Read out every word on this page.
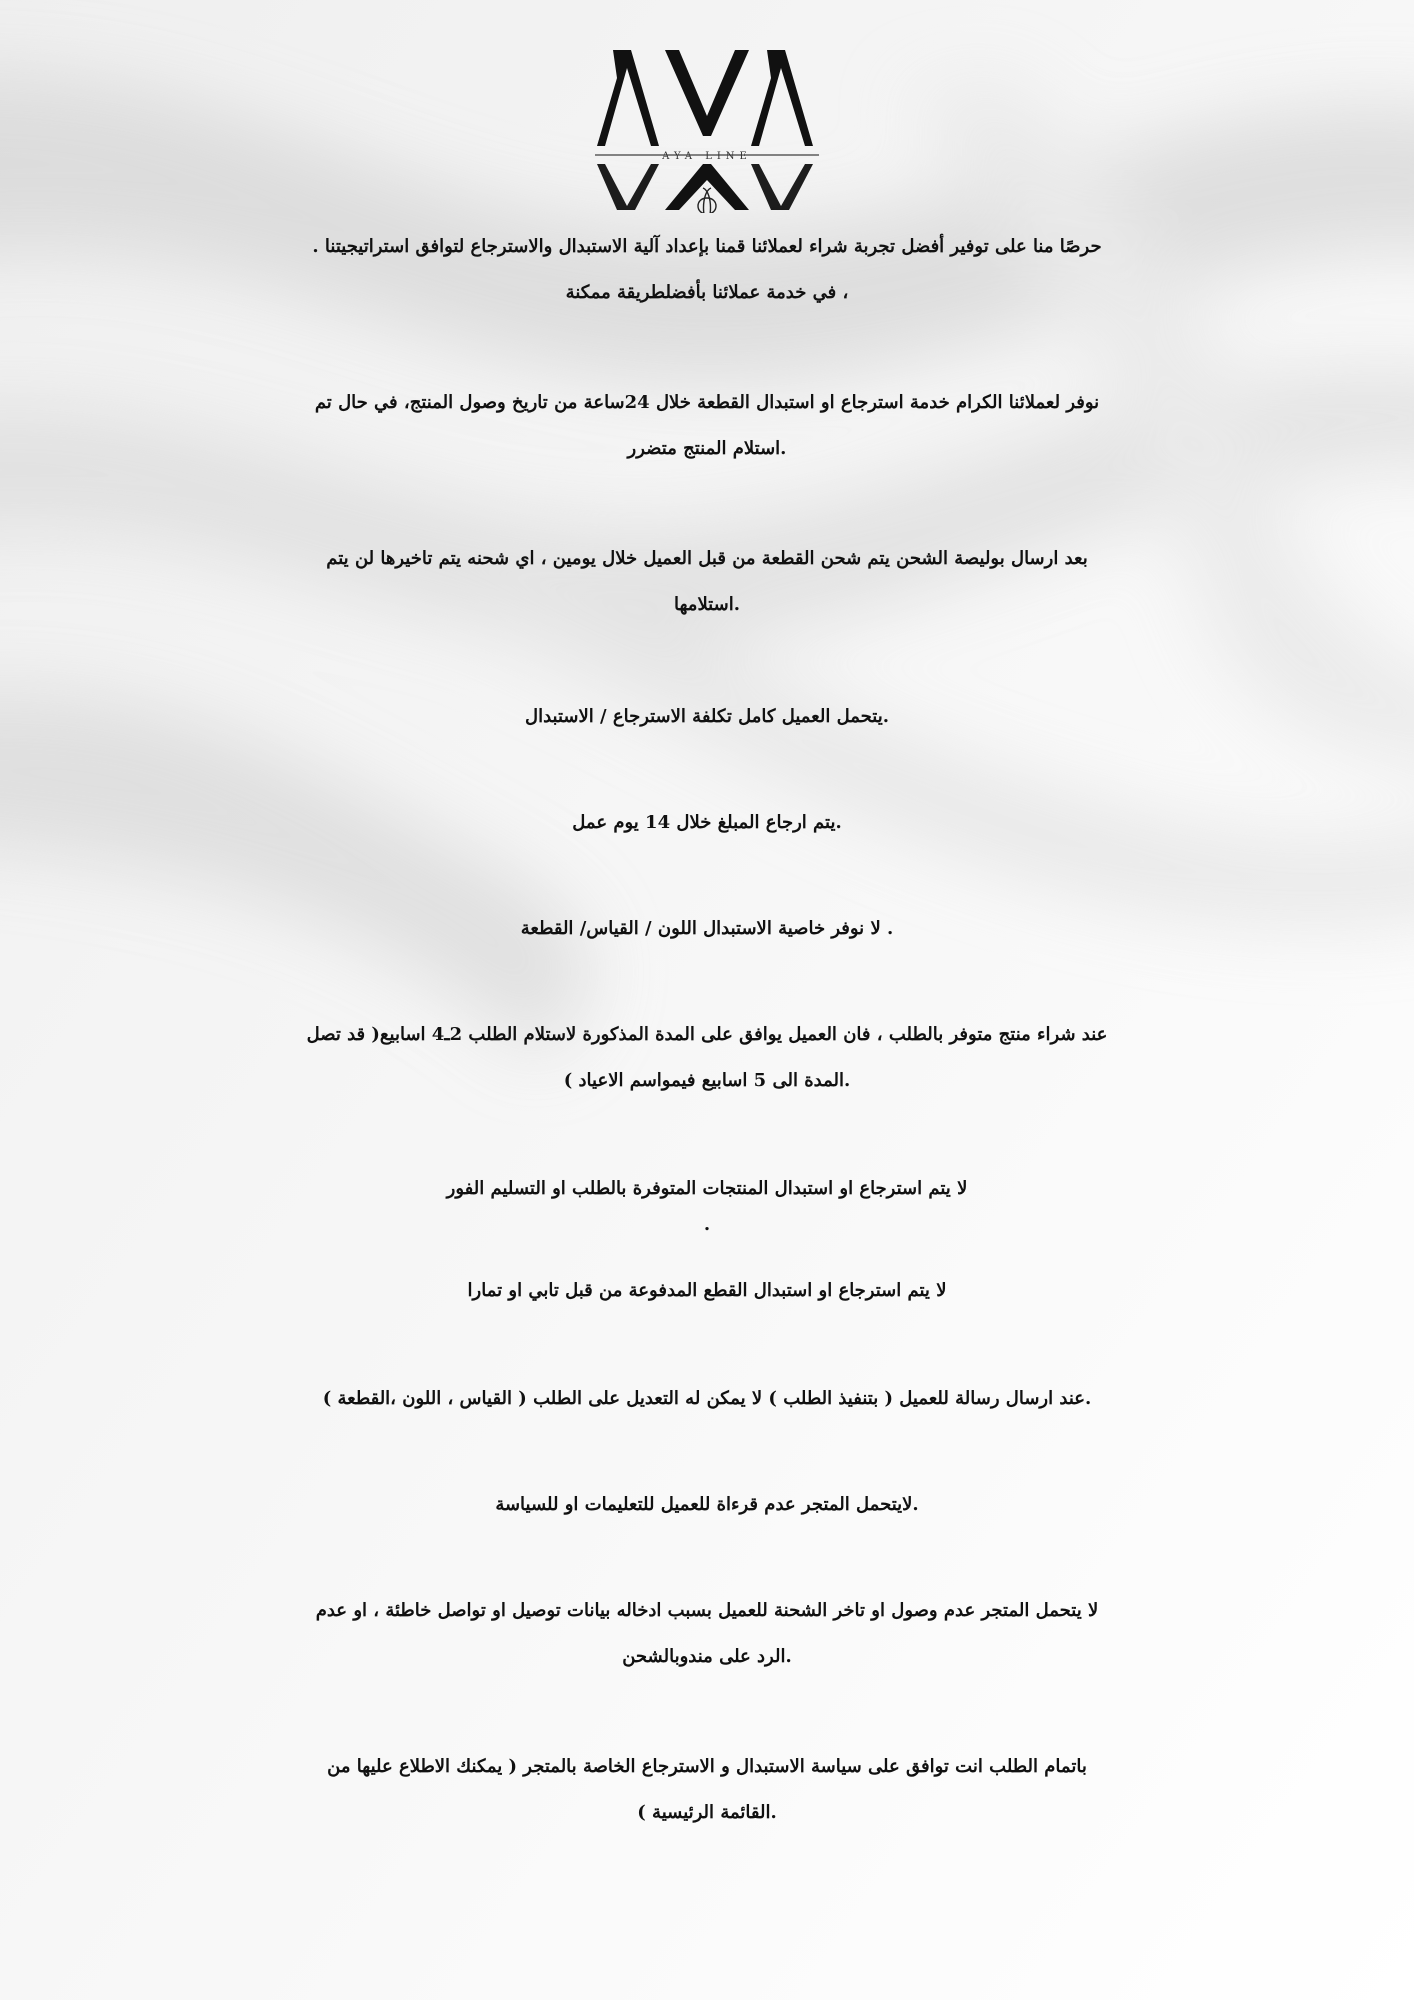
AYA LINE
حرصًا منا على توفير أفضل تجربة شراء لعملائنا قمنا بإعداد آلية الاستبدال والاسترجاع لتوافق استراتيجيتنا .
، في خدمة عملائنا بأفضلطريقة ممكنة
نوفر لعملائنا الكرام خدمة استرجاع او استبدال القطعة خلال 24ساعة من تاريخ وصول المنتج، في حال تم
.استلام المنتج متضرر
بعد ارسال بوليصة الشحن يتم شحن القطعة من قبل العميل خلال يومين ، اي شحنه يتم تاخيرها لن يتم
.استلامها
.يتحمل العميل كامل تكلفة الاسترجاع / الاستبدال
.يتم ارجاع المبلغ خلال 14 يوم عمل
. لا نوفر خاصية الاستبدال اللون / القياس/ القطعة
عند شراء منتج متوفر بالطلب ، فان العميل يوافق على المدة المذكورة لاستلام الطلب 2ـ4 اسابيع( قد تصل
.المدة الى 5 اسابيع فيمواسم الاعياد )
لا يتم استرجاع او استبدال المنتجات المتوفرة بالطلب او التسليم الفور
.
لا يتم استرجاع او استبدال القطع المدفوعة من قبل تابي او تمارا
.عند ارسال رسالة للعميل ( بتنفيذ الطلب ) لا يمكن له التعديل على الطلب ( القياس ، اللون ،القطعة )
.لايتحمل المتجر عدم قرءاة للعميل للتعليمات او للسياسة
لا يتحمل المتجر عدم وصول او تاخر الشحنة للعميل بسبب ادخاله بيانات توصيل او تواصل خاطئة ، او عدم
.الرد على مندوبالشحن
باتمام الطلب انت توافق على سياسة الاستبدال و الاسترجاع الخاصة بالمتجر ( يمكنك الاطلاع عليها من
.القائمة الرئيسية )
